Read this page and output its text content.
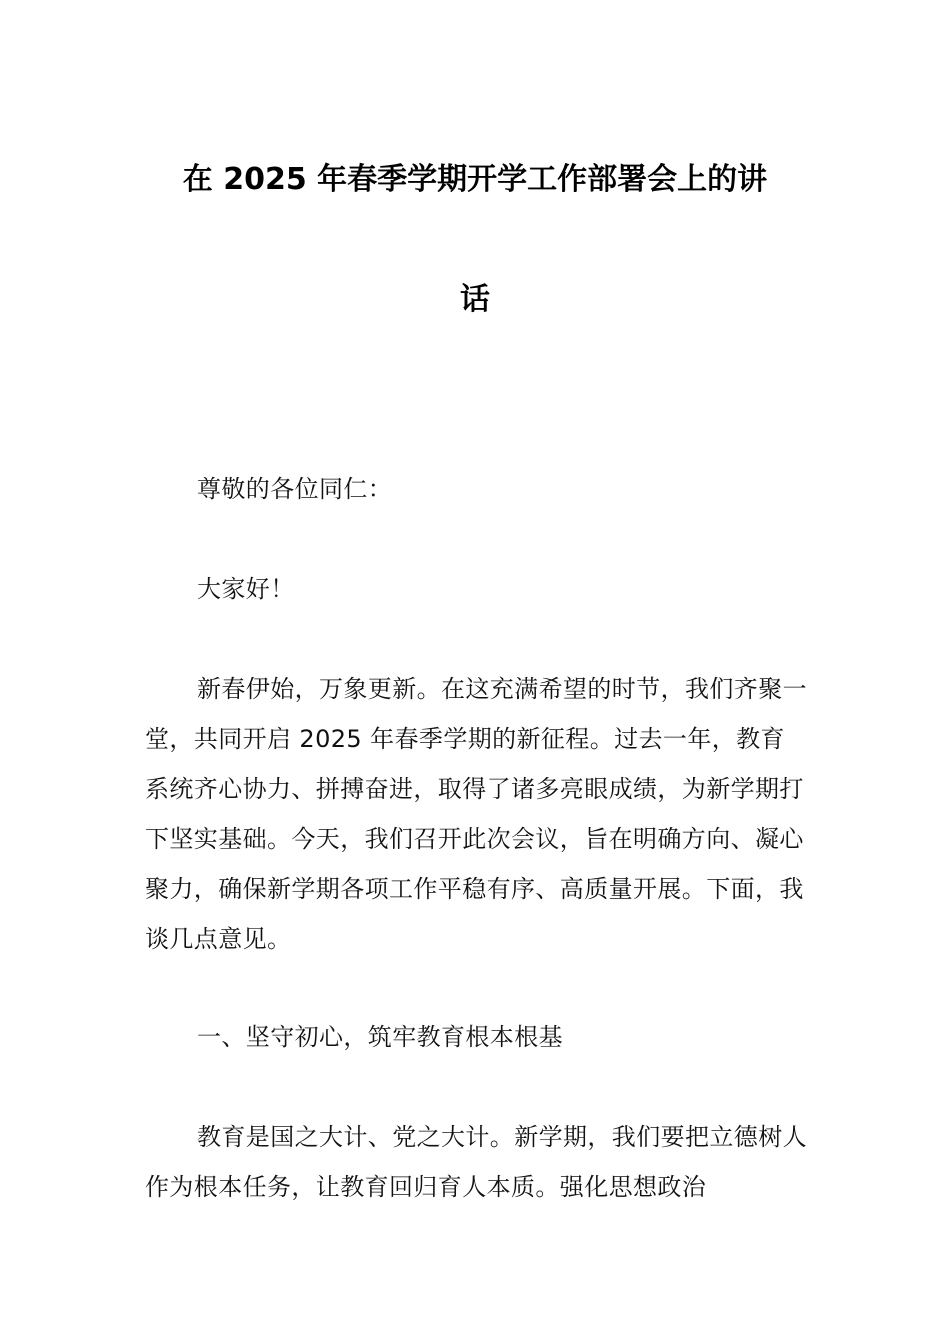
在 2025 年春季学期开学工作部署会上的讲
话

尊敬的各位同仁：

大家好！

新春伊始，万象更新。在这充满希望的时节，我们齐聚一堂，共同开启 2025 年春季学期的新征程。过去一年，教育系统齐心协力、拼搏奋进，取得了诸多亮眼成绩，为新学期打下坚实基础。今天，我们召开此次会议，旨在明确方向、凝心聚力，确保新学期各项工作平稳有序、高质量开展。下面，我谈几点意见。

一、坚守初心，筑牢教育根本根基

教育是国之大计、党之大计。新学期，我们要把立德树人作为根本任务，让教育回归育人本质。强化思想政治
